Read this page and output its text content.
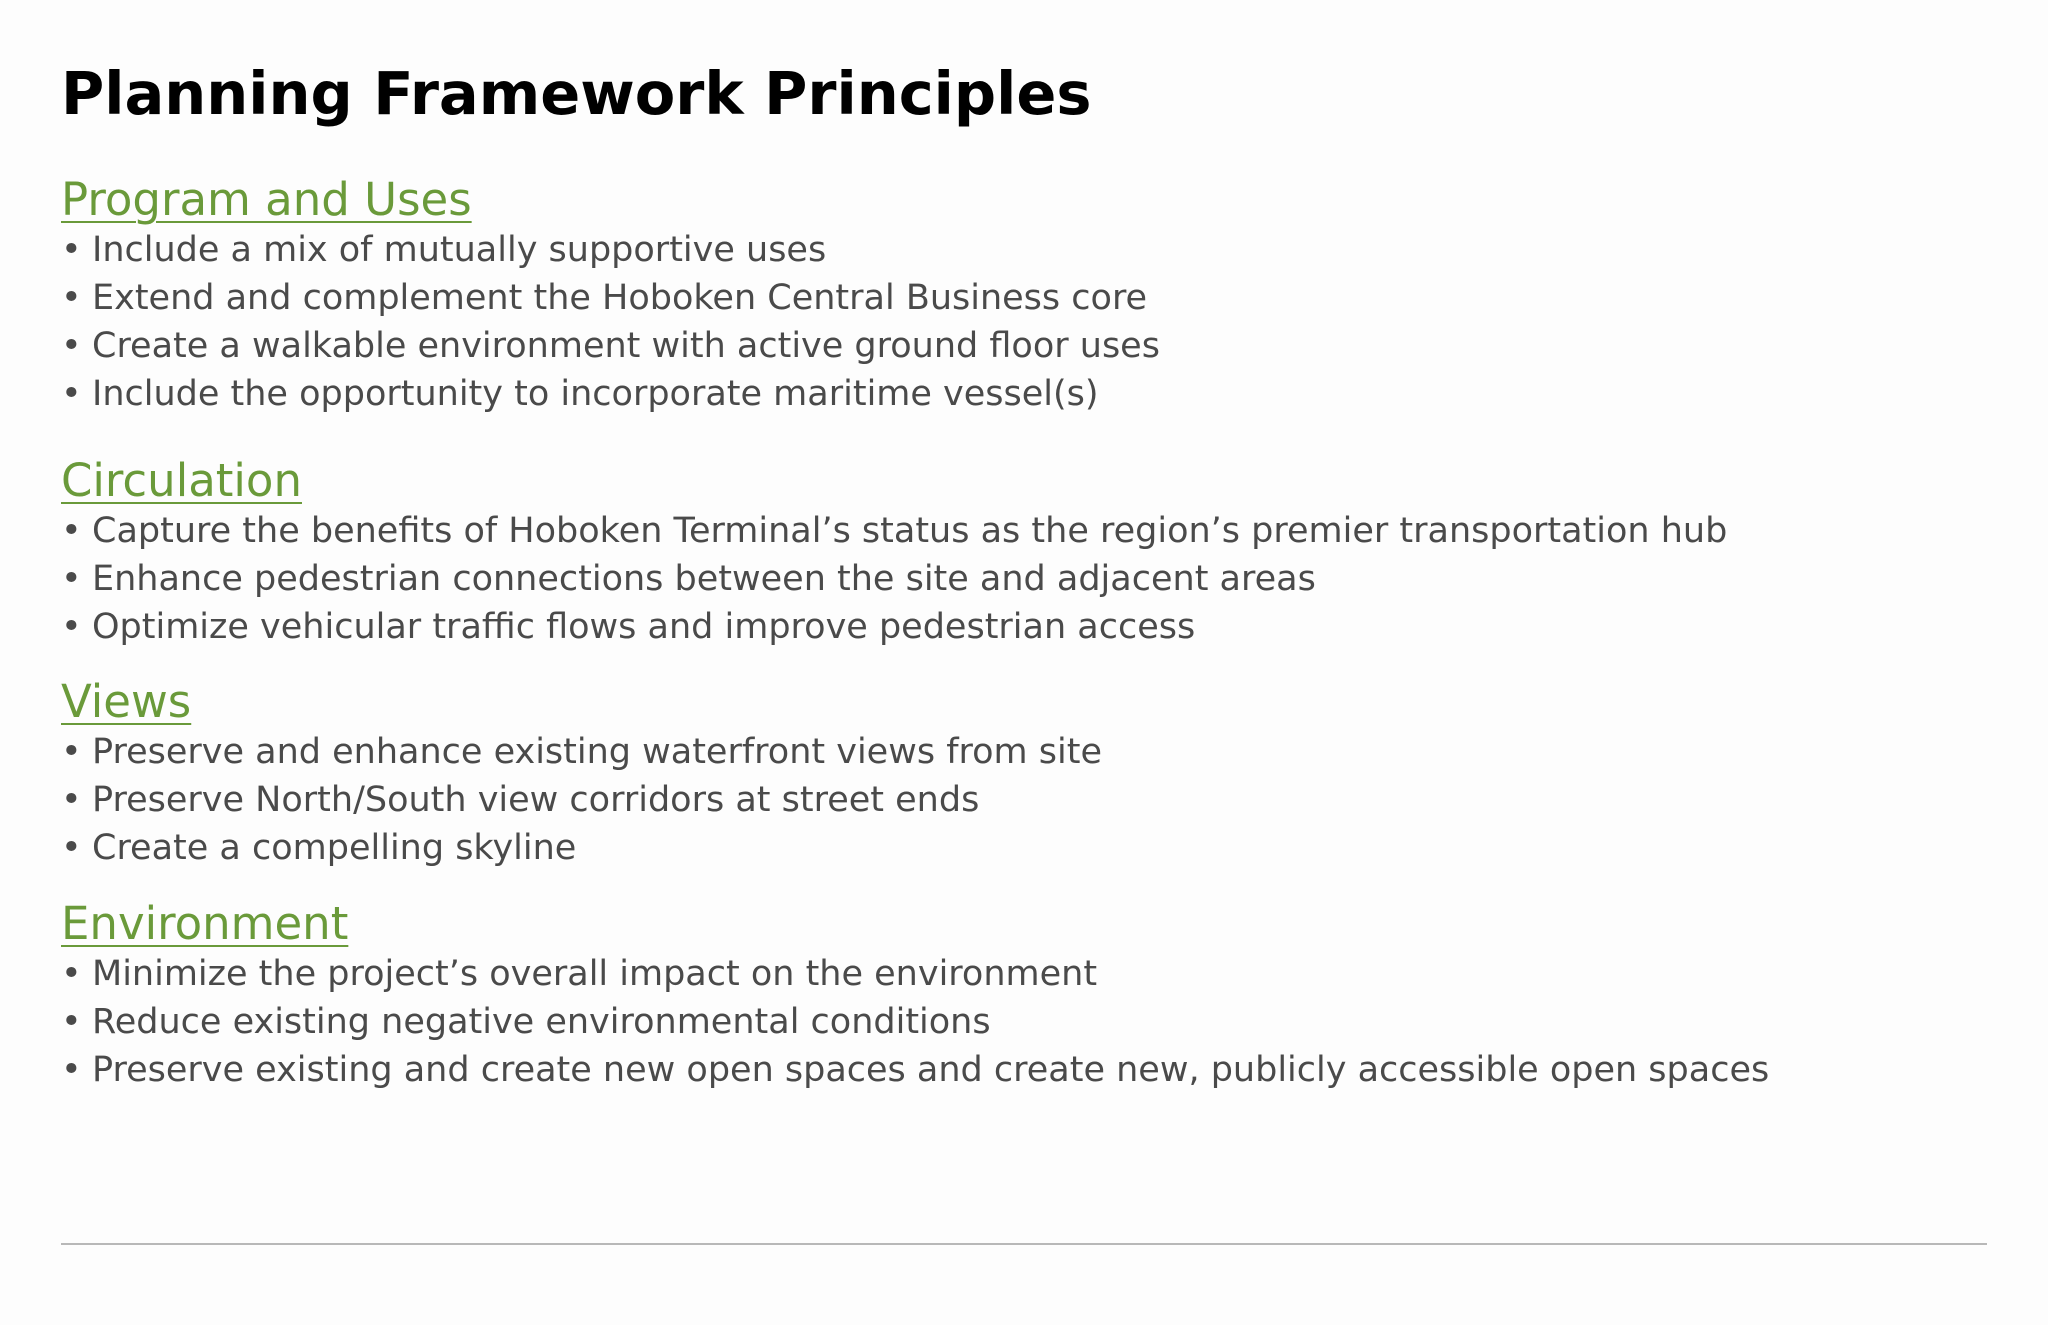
Planning Framework Principles
Program and Uses
• Include a mix of mutually supportive uses
• Extend and complement the Hoboken Central Business core
• Create a walkable environment with active ground floor uses
• Include the opportunity to incorporate maritime vessel(s)
Circulation
• Capture the benefits of Hoboken Terminal’s status as the region’s premier transportation hub
• Enhance pedestrian connections between the site and adjacent areas
• Optimize vehicular traffic flows and improve pedestrian access
Views
• Preserve and enhance existing waterfront views from site
• Preserve North/South view corridors at street ends
• Create a compelling skyline
Environment
• Minimize the project’s overall impact on the environment
• Reduce existing negative environmental conditions
• Preserve existing and create new open spaces and create new, publicly accessible open spaces
